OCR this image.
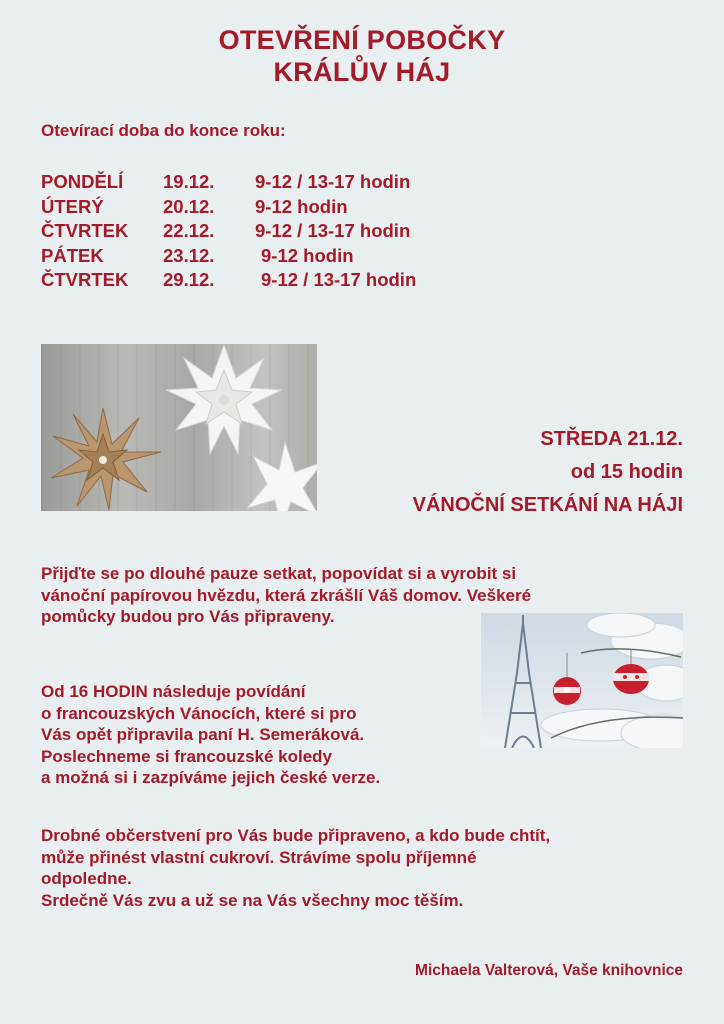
OTEVŘENÍ POBOČKY
KRÁLŮV HÁJ
Otevírací doba do konce roku:
PONDĚLÍ 19.12. 9-12 / 13-17 hodin
ÚTERÝ	20.12. 9-12 hodin
ČTVRTEK 22.12. 9-12 / 13-17 hodin
PÁTEK	23.12.	9-12 hodin
ČTVRTEK 29.12.	9-12 / 13-17 hodin
STŘEDA 21.12.
od 15 hodin
VÁNOČNÍ SETKÁNÍ NA HÁJI
Přijďte se po dlouhé pauze setkat, popovídat si a vyrobit si
vánoční papírovou hvězdu, která zkrášlí Váš domov. Veškeré
pomůcky budou pro Vás připraveny.
Od 16 HODIN následuje povídání
o francouzských Vánocích, které si pro
Vás opět připravila paní H. Semeráková.
Poslechneme si francouzské koledy
a možná si i zazpíváme jejich české verze.
Drobné občerstvení pro Vás bude připraveno, a kdo bude chtít,
může přinést vlastní cukroví. Strávíme spolu příjemné
odpoledne.
Srdečně Vás zvu a už se na Vás všechny moc těším.
Michaela Valterová, Vaše knihovnice
